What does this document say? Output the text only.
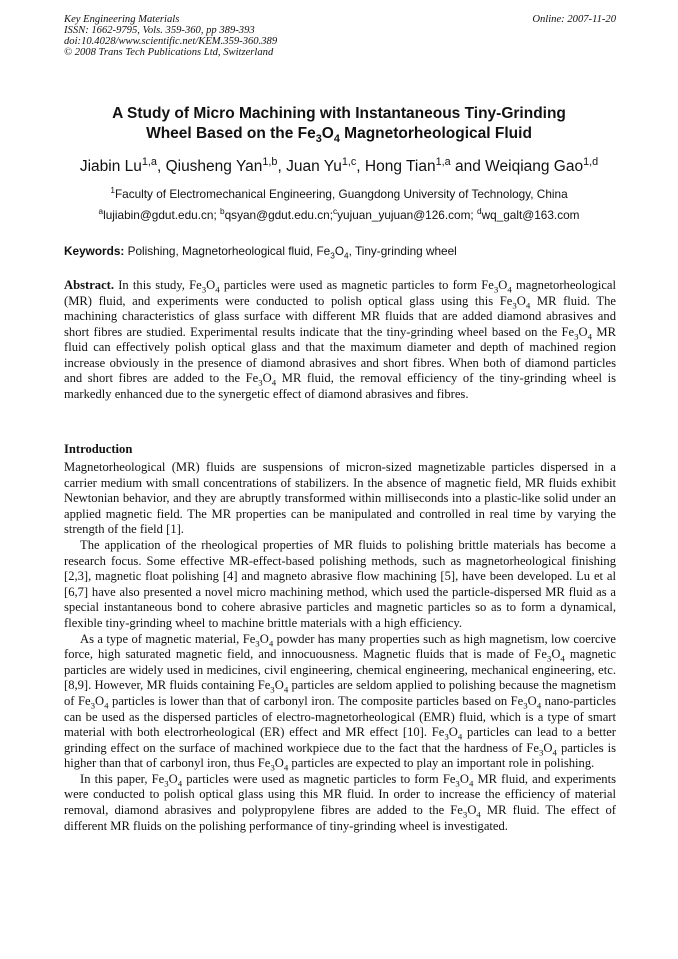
Key Engineering Materials
ISSN: 1662-9795, Vols. 359-360, pp 389-393
doi:10.4028/www.scientific.net/KEM.359-360.389
© 2008 Trans Tech Publications Ltd, Switzerland
Online: 2007-11-20
A Study of Micro Machining with Instantaneous Tiny-Grinding
Wheel Based on the $Fe_3O_4$ Magnetorheological Fluid
Jiabin Lu$^{1,a}$, Qiusheng Yan$^{1,b}$, Juan Yu$^{1,c}$, Hong Tian$^{1,a}$ and Weiqiang Gao$^{1,d}$
$^1$Faculty of Electromechanical Engineering, Guangdong University of Technology, China
$^a$lujiabin@gdut.edu.cn; $^b$qsyan@gdut.edu.cn;$^c$yujuan_yujuan@126.com; $^d$wq_galt@163.com
Keywords: Polishing, Magnetorheological fluid, $Fe_3O_4$, Tiny-grinding wheel
Abstract. In this study, $Fe_3O_4$ particles were used as magnetic particles to form $Fe_3O_4$ magnetorheological (MR) fluid, and experiments were conducted to polish optical glass using this $Fe_3O_4$ MR fluid. The machining characteristics of glass surface with different MR fluids that are added diamond abrasives and short fibres are studied. Experimental results indicate that the tiny-grinding wheel based on the $Fe_3O_4$ MR fluid can effectively polish optical glass and that the maximum diameter and depth of machined region increase obviously in the presence of diamond abrasives and short fibres. When both of diamond particles and short fibres are added to the $Fe_3O_4$ MR fluid, the removal efficiency of the tiny-grinding wheel is markedly enhanced due to the synergetic effect of diamond abrasives and fibres.
Introduction

Magnetorheological (MR) fluids are suspensions of micron-sized magnetizable particles dispersed in a carrier medium with small concentrations of stabilizers. In the absence of magnetic field, MR fluids exhibit Newtonian behavior, and they are abruptly transformed within milliseconds into a plastic-like solid under an applied magnetic field. The MR properties can be manipulated and controlled in real time by varying the strength of the field [1].

The application of the rheological properties of MR fluids to polishing brittle materials has become a research focus. Some effective MR-effect-based polishing methods, such as magnetorheological finishing [2,3], magnetic float polishing [4] and magneto abrasive flow machining [5], have been developed. Lu et al [6,7] have also presented a novel micro machining method, which used the particle-dispersed MR fluid as a special instantaneous bond to cohere abrasive particles and magnetic particles so as to form a dynamical, flexible tiny-grinding wheel to machine brittle materials with a high efficiency.

As a type of magnetic material, $Fe_3O_4$ powder has many properties such as high magnetism, low coercive force, high saturated magnetic field, and innocuousness. Magnetic fluids that is made of $Fe_3O_4$ magnetic particles are widely used in medicines, civil engineering, chemical engineering, mechanical engineering, etc. [8,9]. However, MR fluids containing $Fe_3O_4$ particles are seldom applied to polishing because the magnetism of $Fe_3O_4$ particles is lower than that of carbonyl iron. The composite particles based on $Fe_3O_4$ nano-particles can be used as the dispersed particles of electro-magnetorheological (EMR) fluid, which is a type of smart material with both electrorheological (ER) effect and MR effect [10]. $Fe_3O_4$ particles can lead to a better grinding effect on the surface of machined workpiece due to the fact that the hardness of $Fe_3O_4$ particles is higher than that of carbonyl iron, thus $Fe_3O_4$ particles are expected to play an important role in polishing.

In this paper, $Fe_3O_4$ particles were used as magnetic particles to form $Fe_3O_4$ MR fluid, and experiments were conducted to polish optical glass using this MR fluid. In order to increase the efficiency of material removal, diamond abrasives and polypropylene fibres are added to the $Fe_3O_4$ MR fluid. The effect of different MR fluids on the polishing performance of tiny-grinding wheel is investigated.
